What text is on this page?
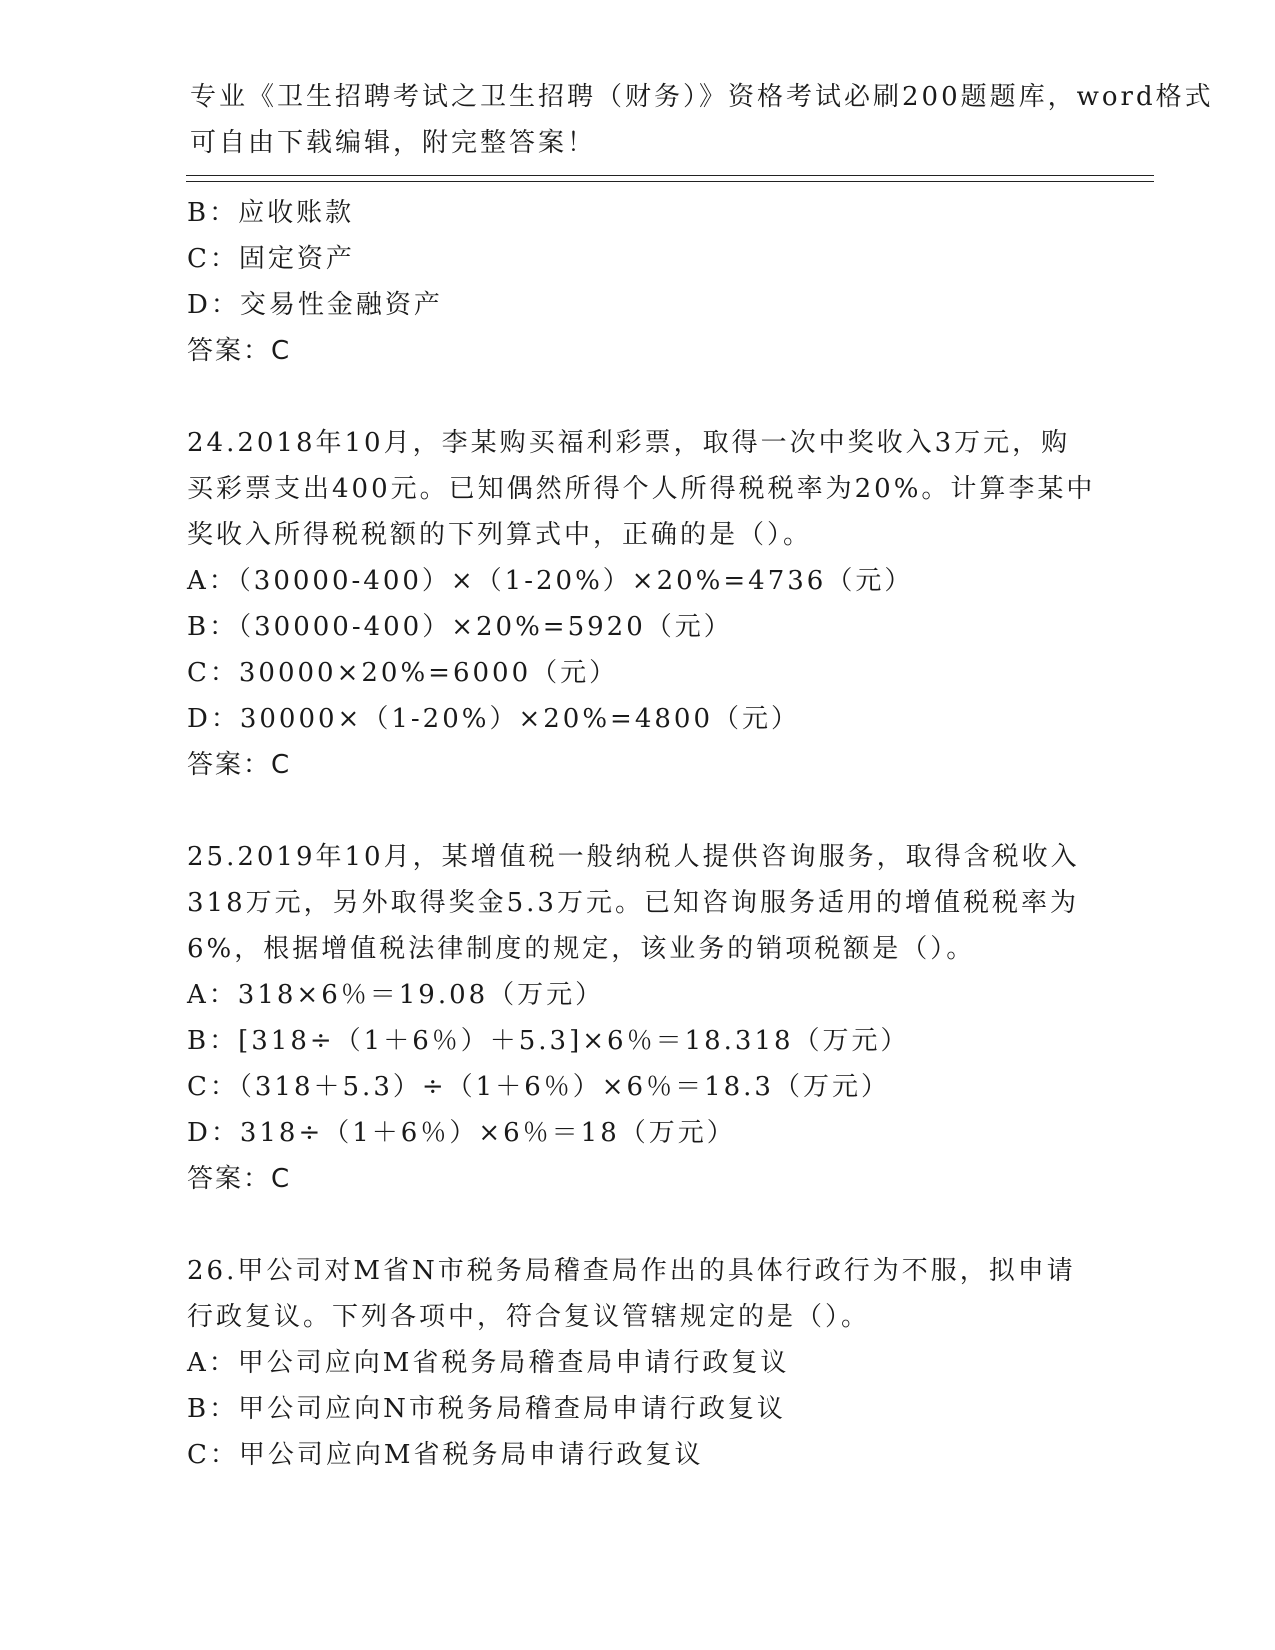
专业《卫生招聘考试之卫生招聘（财务）》资格考试必刷200题题库，word格式
可自由下载编辑，附完整答案！
B：应收账款
C：固定资产
D：交易性金融资产
答案：C
24.2018年10月，李某购买福利彩票，取得一次中奖收入3万元，购
买彩票支出400元。已知偶然所得个人所得税税率为20%。计算李某中
奖收入所得税税额的下列算式中，正确的是（）。
A：（30000-400）×（1-20%）×20%=4736（元）
B：（30000-400）×20%=5920（元）
C：30000×20%=6000（元）
D：30000×（1-20%）×20%=4800（元）
答案：C
25.2019年10月，某增值税一般纳税人提供咨询服务，取得含税收入
318万元，另外取得奖金5.3万元。已知咨询服务适用的增值税税率为
6%，根据增值税法律制度的规定，该业务的销项税额是（）。
A：318×6％＝19.08（万元）
B：[318÷（1＋6％）＋5.3]×6％＝18.318（万元）
C：（318＋5.3）÷（1＋6％）×6％＝18.3（万元）
D：318÷（1＋6％）×6％＝18（万元）
答案：C
26.甲公司对M省N市税务局稽查局作出的具体行政行为不服，拟申请
行政复议。下列各项中，符合复议管辖规定的是（）。
A：甲公司应向M省税务局稽查局申请行政复议
B：甲公司应向N市税务局稽查局申请行政复议
C：甲公司应向M省税务局申请行政复议
